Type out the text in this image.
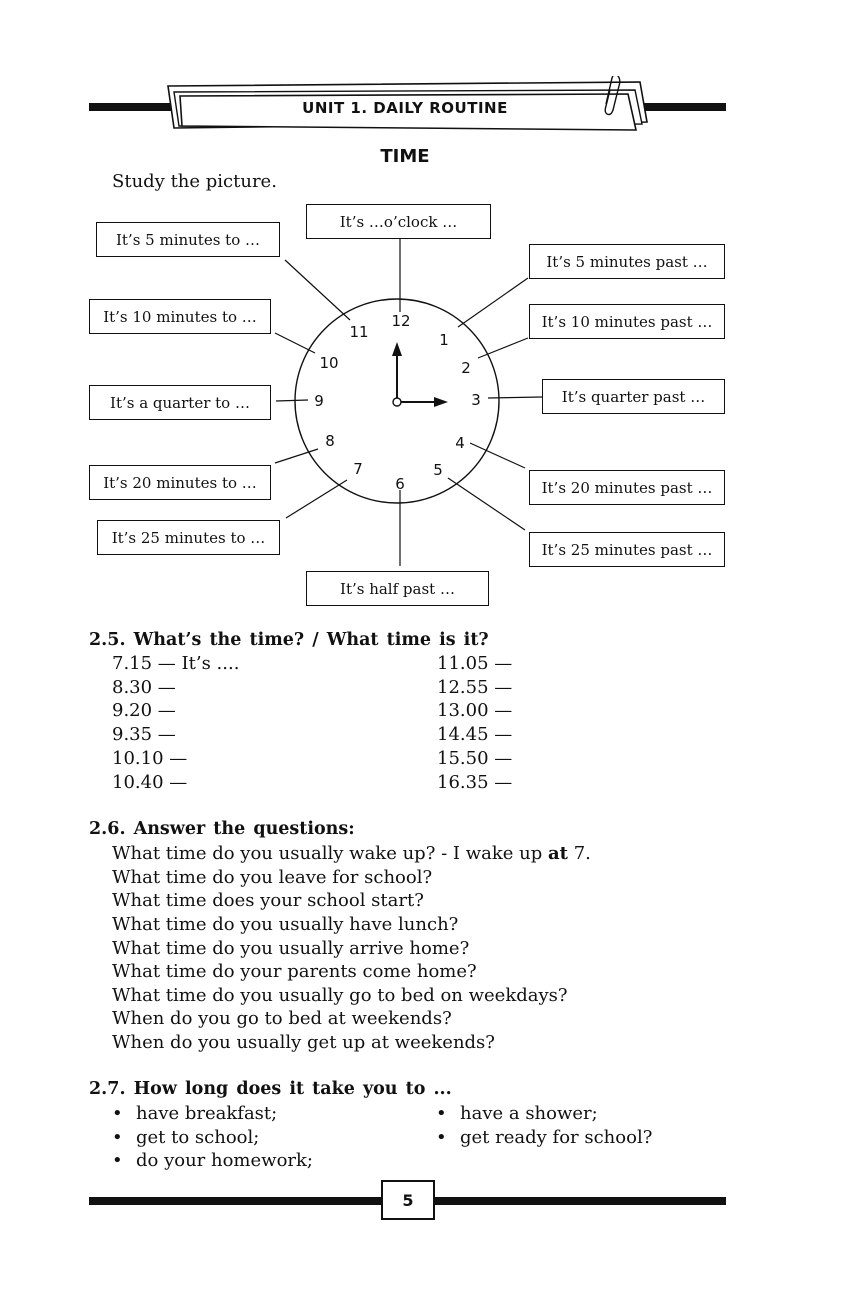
UNIT 1. DAILY ROUTINE
TIME
Study the picture.
12
1
2
3
4
5
6
7
8
9
10
11
It’s …o’clock …
It’s 5 minutes to …
It’s 10 minutes to …
It’s a quarter to …
It’s 20 minutes to …
It’s 25 minutes to …
It’s 5 minutes past …
It’s 10 minutes past …
It’s quarter past …
It’s 20 minutes past …
It’s 25 minutes past …
It’s half past …
2.5. What’s the time? / What time is it?
7.15 — It’s ....
8.30 —
9.20 —
9.35 —
10.10 —
10.40 —
11.05 —
12.55 —
13.00 —
14.45 —
15.50 —
16.35 —
2.6. Answer the questions:
What time do you usually wake up? - I wake up at 7.
What time do you leave for school?
What time does your school start?
What time do you usually have lunch?
What time do you usually arrive home?
What time do your parents come home?
What time do you usually go to bed on weekdays?
When do you go to bed at weekends?
When do you usually get up at weekends?
2.7. How long does it take you to ...
• have breakfast;
• get to school;
• do your homework;
• have a shower;
• get ready for school?
5
